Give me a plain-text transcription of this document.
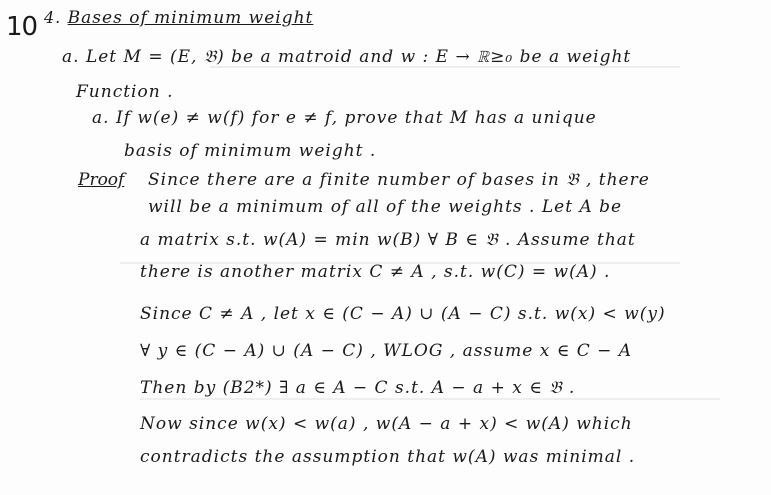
10 4. Bases of minimum weight
a. Let M = (E, 𝔅) be a matroid and w : E → ℝ≥₀ be a weight
Function .
a. If w(e) ≠ w(f) for e ≠ f, prove that M has a unique
basis of minimum weight .
Proof Since there are a finite number of bases in 𝔅 , there
will be a minimum of all of the weights . Let A be
a matrix s.t. w(A) = min w(B) ∀ B ∈ 𝔅 . Assume that
there is another matrix C ≠ A , s.t. w(C) = w(A) .
Since C ≠ A , let x ∈ (C − A) ∪ (A − C) s.t. w(x) < w(y)
∀ y ∈ (C − A) ∪ (A − C) , WLOG , assume x ∈ C − A
Then by (B2*) ∃ a ∈ A − C s.t. A − a + x ∈ 𝔅 .
Now since w(x) < w(a) , w(A − a + x) < w(A) which
contradicts the assumption that w(A) was minimal .
